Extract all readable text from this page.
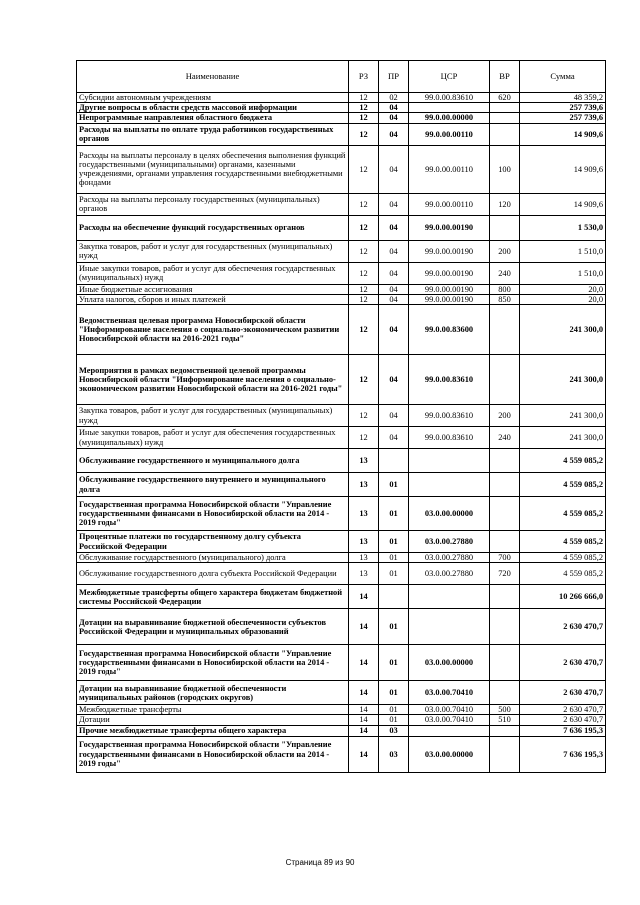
Наименование	РЗ	ПР	ЦСР	ВР	Сумма
Субсидии автономным учреждениям	12	02	99.0.00.83610	620	48 359,2
Другие вопросы в области средств массовой информации	12	04			257 739,6
Непрограммные направления областного бюджета	12	04	99.0.00.00000		257 739,6
Расходы на выплаты по оплате труда работников государственных органов	12	04	99.0.00.00110		14 909,6
Расходы на выплаты персоналу в целях обеспечения выполнения функций государственными (муниципальными) органами, казенными учреждениями, органами управления государственными внебюджетными фондами	12	04	99.0.00.00110	100	14 909,6
Расходы на выплаты персоналу государственных (муниципальных) органов	12	04	99.0.00.00110	120	14 909,6
Расходы на обеспечение функций государственных органов	12	04	99.0.00.00190		1 530,0
Закупка товаров, работ и услуг для государственных (муниципальных) нужд	12	04	99.0.00.00190	200	1 510,0
Иные закупки товаров, работ и услуг для обеспечения государственных (муниципальных) нужд	12	04	99.0.00.00190	240	1 510,0
Иные бюджетные ассигнования	12	04	99.0.00.00190	800	20,0
Уплата налогов, сборов и иных платежей	12	04	99.0.00.00190	850	20,0
Ведомственная целевая программа Новосибирской области "Информирование населения о социально-экономическом развитии Новосибирской области на 2016-2021 годы"	12	04	99.0.00.83600		241 300,0
Мероприятия в рамках ведомственной целевой программы Новосибирской области "Информирование населения о социально-экономическом развитии Новосибирской области на 2016-2021 годы"	12	04	99.0.00.83610		241 300,0
Закупка товаров, работ и услуг для государственных (муниципальных) нужд	12	04	99.0.00.83610	200	241 300,0
Иные закупки товаров, работ и услуг для обеспечения государственных (муниципальных) нужд	12	04	99.0.00.83610	240	241 300,0
Обслуживание государственного и муниципального долга	13				4 559 085,2
Обслуживание государственного внутреннего и муниципального долга	13	01			4 559 085,2
Государственная программа Новосибирской области "Управление государственными финансами в Новосибирской области на 2014 - 2019 годы"	13	01	03.0.00.00000		4 559 085,2
Процентные платежи по государственному долгу субъекта Российской Федерации	13	01	03.0.00.27880		4 559 085,2
Обслуживание государственного (муниципального) долга	13	01	03.0.00.27880	700	4 559 085,2
Обслуживание государственного долга субъекта Российской Федерации	13	01	03.0.00.27880	720	4 559 085,2
Межбюджетные трансферты общего характера бюджетам бюджетной системы Российской Федерации	14				10 266 666,0
Дотации на выравнивание бюджетной обеспеченности субъектов Российской Федерации и муниципальных образований	14	01			2 630 470,7
Государственная программа Новосибирской области "Управление государственными финансами в Новосибирской области на 2014 - 2019 годы"	14	01	03.0.00.00000		2 630 470,7
Дотации на выравнивание бюджетной обеспеченности муниципальных районов (городских округов)	14	01	03.0.00.70410		2 630 470,7
Межбюджетные трансферты	14	01	03.0.00.70410	500	2 630 470,7
Дотации	14	01	03.0.00.70410	510	2 630 470,7
Прочие межбюджетные трансферты общего характера	14	03			7 636 195,3
Государственная программа Новосибирской области "Управление государственными финансами в Новосибирской области на 2014 - 2019 годы"	14	03	03.0.00.00000		7 636 195,3
Страница 89 из 90
